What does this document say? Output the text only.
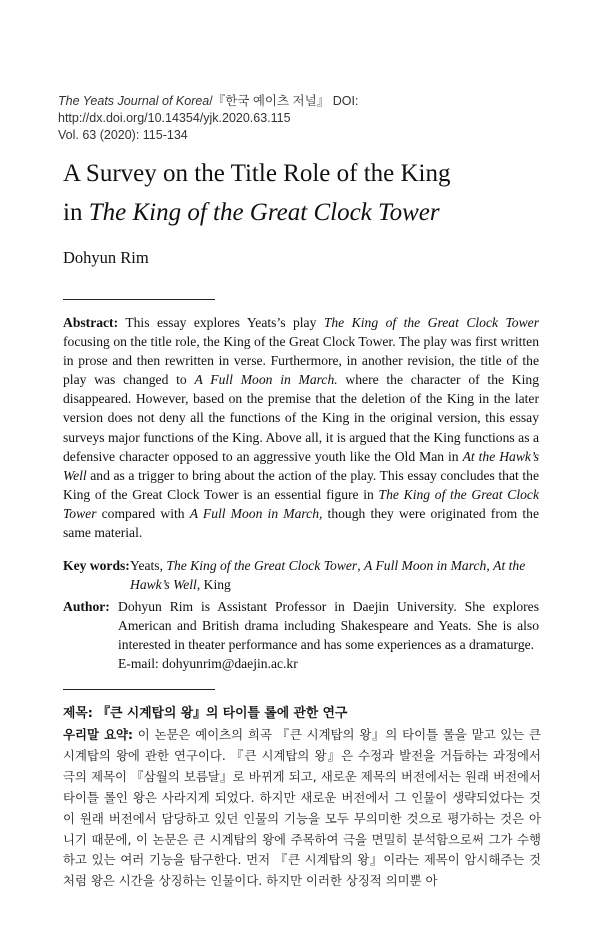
The Yeats Journal of Korea/『한국 예이츠 저널』 DOI: http://dx.doi.org/10.14354/yjk.2020.63.115
Vol. 63 (2020): 115-134
A Survey on the Title Role of the King
in The King of the Great Clock Tower
Dohyun Rim
Abstract: This essay explores Yeats’s play The King of the Great Clock Tower focusing on the title role, the King of the Great Clock Tower. The play was first written in prose and then rewritten in verse. Furthermore, in another revision, the title of the play was changed to A Full Moon in March. where the character of the King disappeared. However, based on the premise that the deletion of the King in the later version does not deny all the functions of the King in the original version, this essay surveys major functions of the King. Above all, it is argued that the King functions as a defensive character opposed to an aggressive youth like the Old Man in At the Hawk’s Well and as a trigger to bring about the action of the play. This essay concludes that the King of the Great Clock Tower is an essential figure in The King of the Great Clock Tower compared with A Full Moon in March, though they were originated from the same material.
Key words: Yeats, The King of the Great Clock Tower, A Full Moon in March, At the Hawk’s Well, King
Author: Dohyun Rim is Assistant Professor in Daejin University. She explores American and British drama including Shakespeare and Yeats. She is also interested in theater performance and has some experiences as a dramaturge.
E-mail: dohyunrim@daejin.ac.kr
제목: 『큰 시계탑의 왕』의 타이틀 롤에 관한 연구
우리말 요약: 이 논문은 예이츠의 희곡 『큰 시계탑의 왕』의 타이틀 롤을 맡고 있는 큰 시계탑의 왕에 관한 연구이다. 『큰 시계탑의 왕』은 수정과 발전을 거듭하는 과정에서 극의 제목이 『삼월의 보름달』로 바뀌게 되고, 새로운 제목의 버전에서는 원래 버전에서 타이틀 롤인 왕은 사라지게 되었다. 하지만 새로운 버전에서 그 인물이 생략되었다는 것이 원래 버전에서 담당하고 있던 인물의 기능을 모두 무의미한 것으로 평가하는 것은 아니기 때문에, 이 논문은 큰 시계탑의 왕에 주목하여 극을 면밀히 분석함으로써 그가 수행하고 있는 여러 기능을 탐구한다. 먼저 『큰 시계탑의 왕』이라는 제목이 암시해주는 것처럼 왕은 시간을 상징하는 인물이다. 하지만 이러한 상징적 의미뿐 아
